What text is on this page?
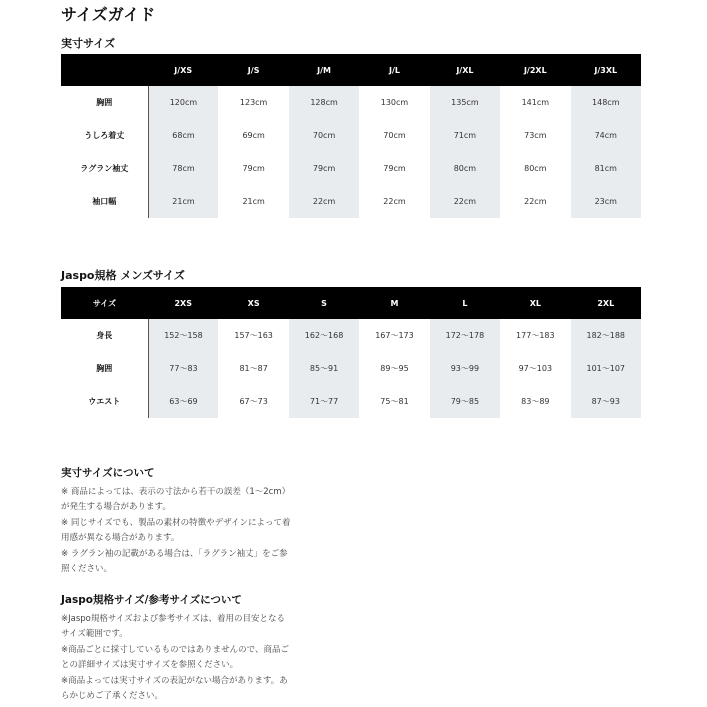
サイズガイド
実寸サイズ
	J/XS	J/S	J/M	J/L	J/XL	J/2XL	J/3XL
胸囲	120cm	123cm	128cm	130cm	135cm	141cm	148cm
うしろ着丈	68cm	69cm	70cm	70cm	71cm	73cm	74cm
ラグラン袖丈	78cm	79cm	79cm	79cm	80cm	80cm	81cm
袖口幅	21cm	21cm	22cm	22cm	22cm	22cm	23cm
Jaspo規格 メンズサイズ
サイズ	2XS	XS	S	M	L	XL	2XL
身長	152〜158	157〜163	162〜168	167〜173	172〜178	177〜183	182〜188
胸囲	77〜83	81〜87	85〜91	89〜95	93〜99	97〜103	101〜107
ウエスト	63〜69	67〜73	71〜77	75〜81	79〜85	83〜89	87〜93
実寸サイズについて
※ 商品によっては、表示の寸法から若干の誤差（1〜2cm）
が発生する場合があります。
※ 同じサイズでも、製品の素材の特徴やデザインによって着
用感が異なる場合があります。
※ ラグラン袖の記載がある場合は、「ラグラン袖丈」をご参
照ください。
Jaspo規格サイズ/参考サイズについて
※Jaspo規格サイズおよび参考サイズは、着用の目安となる
サイズ範囲です。
※商品ごとに採寸しているものではありませんので、商品ご
との詳細サイズは実寸サイズを参照ください。
※商品よっては実寸サイズの表記がない場合があります。あ
らかじめご了承ください。
